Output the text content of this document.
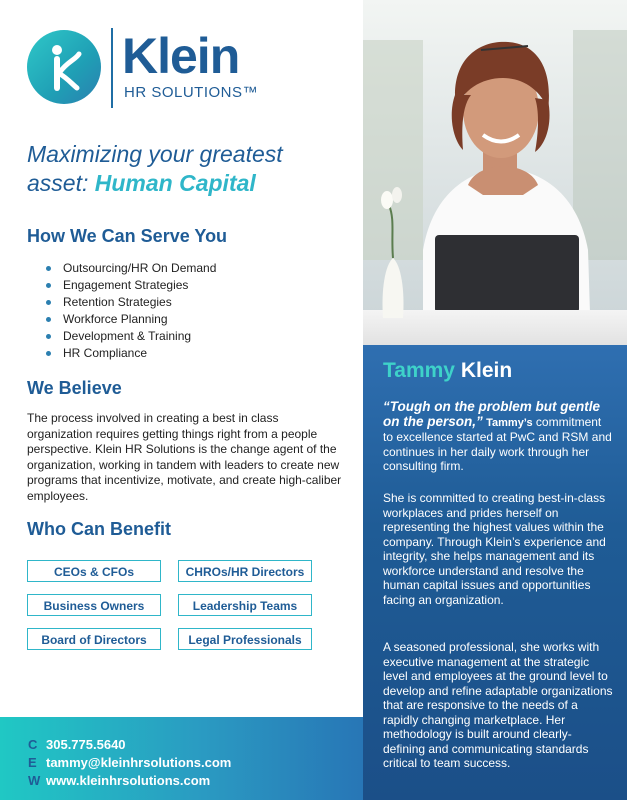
Klein
HR SOLUTIONS™
Maximizing your greatest
asset: Human Capital
How We Can Serve You
Outsourcing/HR On Demand
Engagement Strategies
Retention Strategies
Workforce Planning
Development & Training
HR Compliance
We Believe
The process involved in creating a best in class organization requires getting things right from a people perspective. Klein HR Solutions is the change agent of the organization, working in tandem with leaders to create new programs that incentivize, motivate, and create high-caliber employees.
Who Can Benefit
CEOs & CFOs	CHROs/HR Directors
Business Owners	Leadership Teams
Board of Directors	Legal Professionals
C 305.775.5640
E tammy@kleinhrsolutions.com
W www.kleinhrsolutions.com
Tammy Klein
“Tough on the problem but gentle on the person,” Tammy’s commitment to excellence started at PwC and RSM and continues in her daily work through her consulting firm.
She is committed to creating best-in-class workplaces and prides herself on representing the highest values within the company. Through Klein’s experience and integrity, she helps management and its workforce understand and resolve the human capital issues and opportunities facing an organization.
A seasoned professional, she works with executive management at the strategic level and employees at the ground level to develop and refine adaptable organizations that are responsive to the needs of a rapidly changing marketplace. Her methodology is built around clearly-defining and communicating standards critical to team success.
